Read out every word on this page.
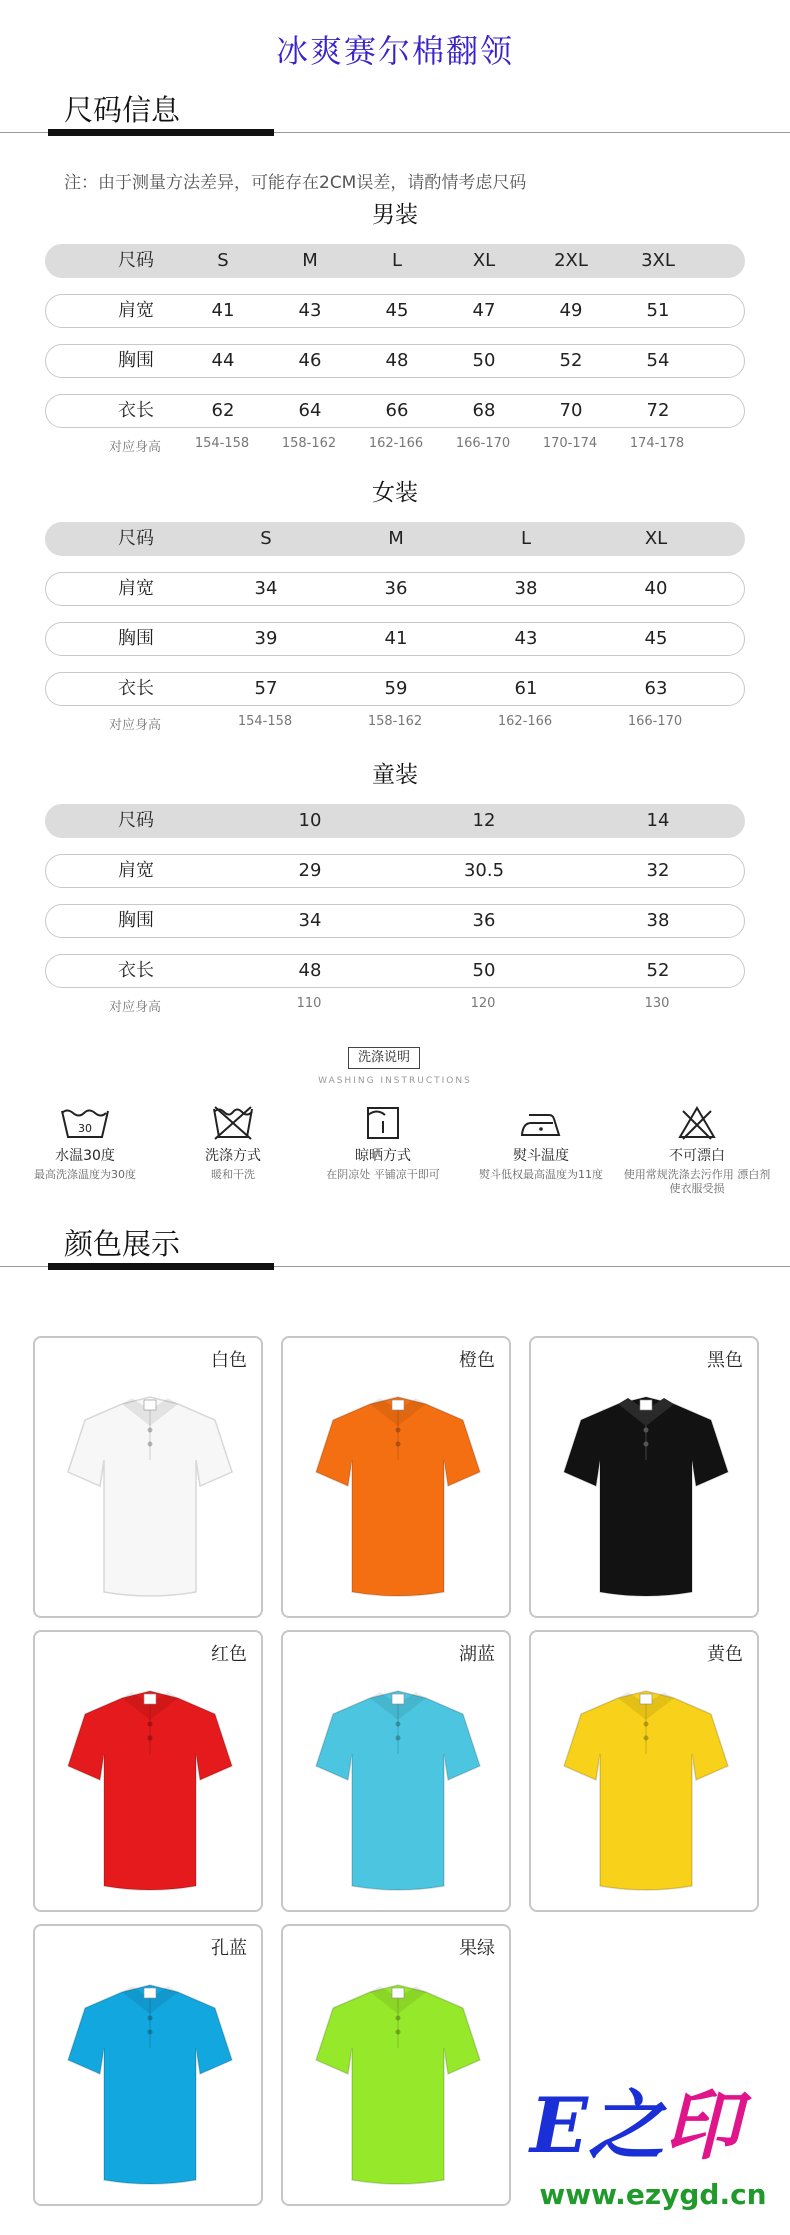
冰爽赛尔棉翻领
尺码信息
注：由于测量方法差异，可能存在2CM误差，请酌情考虑尺码
男装
尺码	S	M	L	XL	2XL	3XL
肩宽	41	43	45	47	49	51
胸围	44	46	48	50	52	54
衣长	62	64	66	68	70	72
对应身高	154-158	158-162	162-166	166-170	170-174	174-178
女装
尺码	S	M	L	XL
肩宽	34	36	38	40
胸围	39	41	43	45
衣长	57	59	61	63
对应身高	154-158	158-162	162-166	166-170
童装
尺码	10	12	14
肩宽	29	30.5	32
胸围	34	36	38
衣长	48	50	52
对应身高	110	120	130
洗涤说明
WASHING INSTRUCTIONS
30
水温30度
最高洗涤温度为30度
洗涤方式
暖和干洗
晾晒方式
在阴凉处 平铺凉干即可
熨斗温度
熨斗低权最高温度为11度
不可漂白
使用常规洗涤去污作用 漂白剂使衣服受损
颜色展示
白色	橙色	黑色
红色	湖蓝	黄色
孔蓝	果绿
E之印
www.ezygd.cn
